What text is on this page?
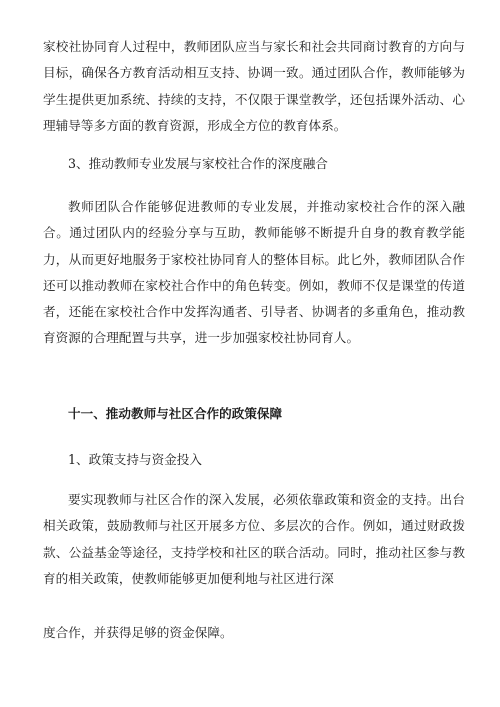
家校社协同育人过程中，教师团队应当与家长和社会共同商讨教育的方向与目标，确保各方教育活动相互支持、协调一致。通过团队合作，教师能够为学生提供更加系统、持续的支持，不仅限于课堂教学，还包括课外活动、心理辅导等多方面的教育资源，形成全方位的教育体系。

3、推动教师专业发展与家校社合作的深度融合

教师团队合作能够促进教师的专业发展，并推动家校社合作的深入融合。通过团队内的经验分享与互助，教师能够不断提升自身的教育教学能力，从而更好地服务于家校社协同育人的整体目标。此匕外，教师团队合作还可以推动教师在家校社合作中的角色转变。例如，教师不仅是课堂的传道者，还能在家校社合作中发挥沟通者、引导者、协调者的多重角色，推动教育资源的合理配置与共享，进一步加强家校社协同育人。

十一、推动教师与社区合作的政策保障

1、政策支持与资金投入

要实现教师与社区合作的深入发展，必须依靠政策和资金的支持。出台相关政策，鼓励教师与社区开展多方位、多层次的合作。例如，通过财政拨款、公益基金等途径，支持学校和社区的联合活动。同时，推动社区参与教育的相关政策，使教师能够更加便利地与社区进行深

度合作，并获得足够的资金保障。
